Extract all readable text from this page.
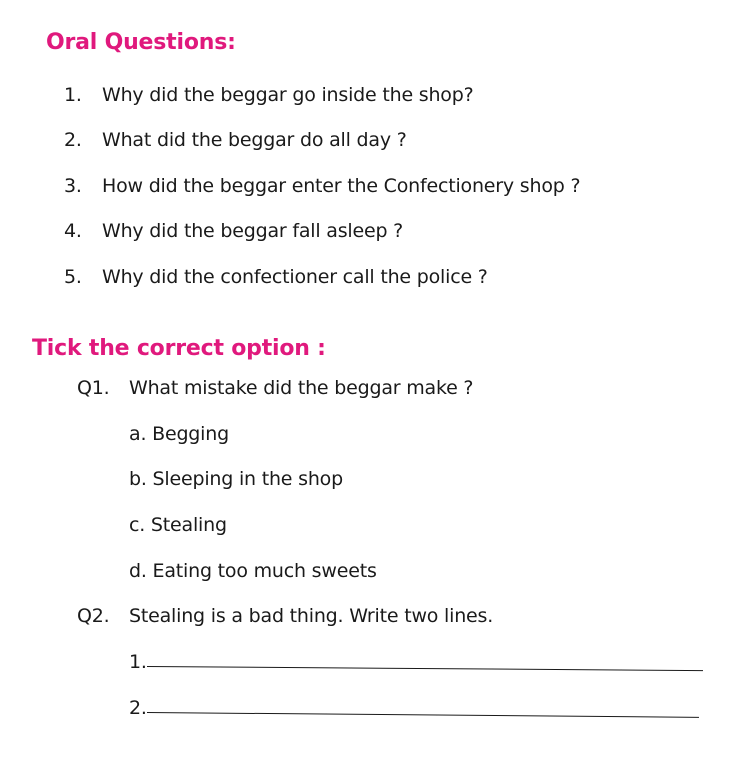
Oral Questions:
1. Why did the beggar go inside the shop?
2. What did the beggar do all day ?
3. How did the beggar enter the Confectionery shop ?
4. Why did the beggar fall asleep ?
5. Why did the confectioner call the police ?
Tick the correct option :
Q1. What mistake did the beggar make ?
a. Begging
b. Sleeping in the shop
c. Stealing
d. Eating too much sweets
Q2. Stealing is a bad thing. Write two lines.
1.
2.
